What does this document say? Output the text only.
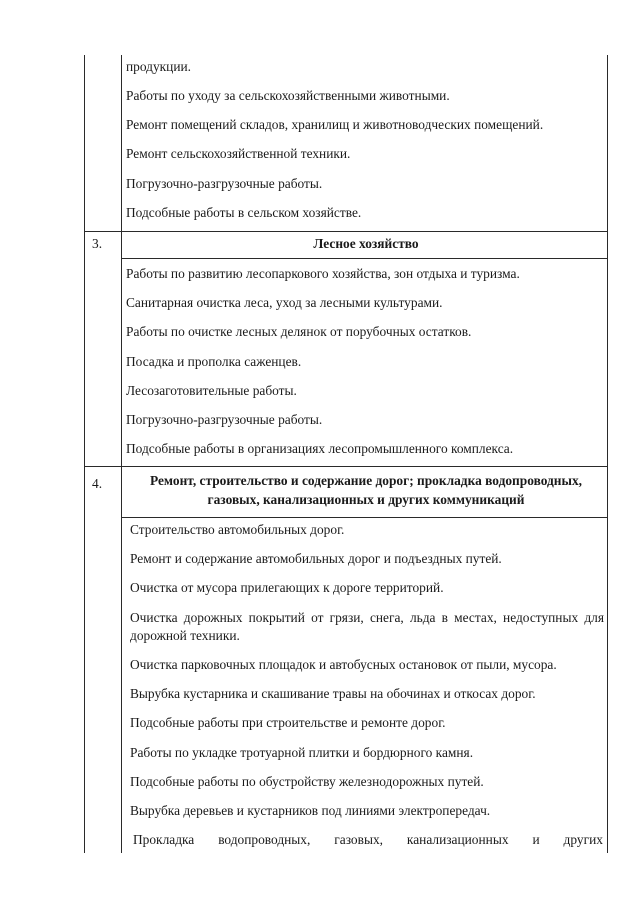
продукции.
Работы по уходу за сельскохозяйственными животными.
Ремонт помещений складов, хранилищ и животноводческих помещений.
Ремонт сельскохозяйственной техники.
Погрузочно-разгрузочные работы.
Подсобные работы в сельском хозяйстве.
3.	Лесное хозяйство
Работы по развитию лесопаркового хозяйства, зон отдыха и туризма.
Санитарная очистка леса, уход за лесными культурами.
Работы по очистке лесных делянок от порубочных остатков.
Посадка и прополка саженцев.
Лесозаготовительные работы.
Погрузочно-разгрузочные работы.
Подсобные работы в организациях лесопромышленного комплекса.
4.	Ремонт, строительство и содержание дорог; прокладка водопроводных,
газовых, канализационных и других коммуникаций
Строительство автомобильных дорог.
Ремонт и содержание автомобильных дорог и подъездных путей.
Очистка от мусора прилегающих к дороге территорий.
Очистка дорожных покрытий от грязи, снега, льда в местах, недоступных для дорожной техники.
Очистка парковочных площадок и автобусных остановок от пыли, мусора.
Вырубка кустарника и скашивание травы на обочинах и откосах дорог.
Подсобные работы при строительстве и ремонте дорог.
Работы по укладке тротуарной плитки и бордюрного камня.
Подсобные работы по обустройству железнодорожных путей.
Вырубка деревьев и кустарников под линиями электропередач.
Прокладка водопроводных, газовых, канализационных и других
